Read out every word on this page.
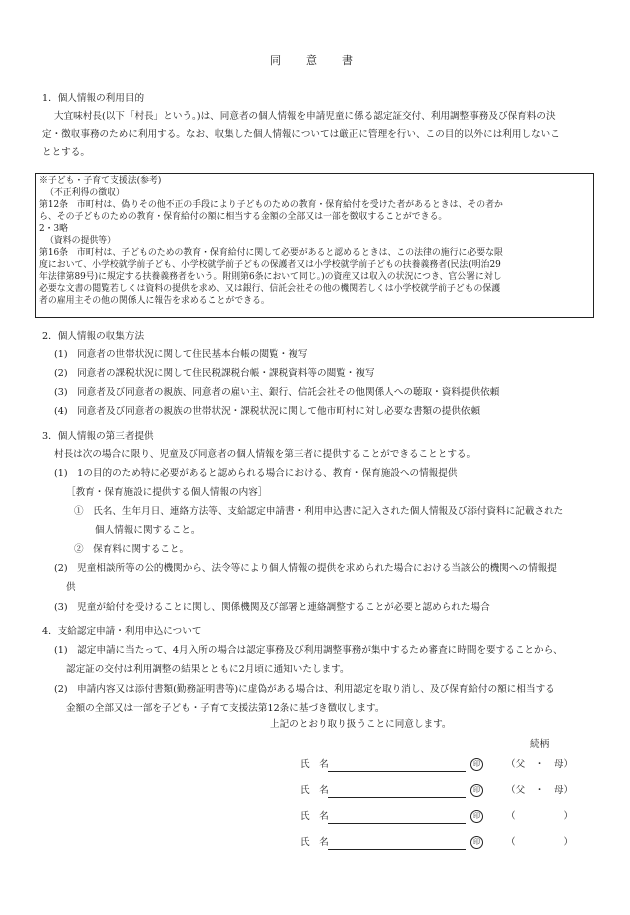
同　意　書
1．個人情報の利用目的
大宜味村長(以下「村長」という。)は、同意者の個人情報を申請児童に係る認定証交付、利用調整事務及び保育料の決
定・徴収事務のために利用する。なお、収集した個人情報については厳正に管理を行い、この目的以外には利用しないこ
ととする。
※子ども・子育て支援法(参考)
（不正利得の徴収）
第12条　市町村は、偽りその他不正の手段により子どものための教育・保育給付を受けた者があるときは、その者か
ら、その子どものための教育・保育給付の額に相当する金額の全部又は一部を徴収することができる。
2・3略
（資料の提供等）
第16条　市町村は、子どものための教育・保育給付に関して必要があると認めるときは、この法律の施行に必要な限
度において、小学校就学前子ども、小学校就学前子どもの保護者又は小学校就学前子どもの扶養義務者(民法(明治29
年法律第89号)に規定する扶養義務者をいう。附則第6条において同じ。)の資産又は収入の状況につき、官公署に対し
必要な文書の閲覧若しくは資料の提供を求め、又は銀行、信託会社その他の機関若しくは小学校就学前子どもの保護
者の雇用主その他の関係人に報告を求めることができる。
2．個人情報の収集方法
(1)　同意者の世帯状況に関して住民基本台帳の閲覧・複写
(2)　同意者の課税状況に関して住民税課税台帳・課税資料等の閲覧・複写
(3)　同意者及び同意者の親族、同意者の雇い主、銀行、信託会社その他関係人への聴取・資料提供依頼
(4)　同意者及び同意者の親族の世帯状況・課税状況に関して他市町村に対し必要な書類の提供依頼
3．個人情報の第三者提供
村長は次の場合に限り、児童及び同意者の個人情報を第三者に提供することができることとする。
(1)　1の目的のため特に必要があると認められる場合における、教育・保育施設への情報提供
［教育・保育施設に提供する個人情報の内容］
①　氏名、生年月日、連絡方法等、支給認定申請書・利用申込書に記入された個人情報及び添付資料に記載された
個人情報に関すること。
②　保育料に関すること。
(2)　児童相談所等の公的機関から、法令等により個人情報の提供を求められた場合における当該公的機関への情報提
供
(3)　児童が給付を受けることに関し、関係機関及び部署と連絡調整することが必要と認められた場合
4．支給認定申請・利用申込について
(1)　認定申請に当たって、4月入所の場合は認定事務及び利用調整事務が集中するため審査に時間を要することから、
認定証の交付は利用調整の結果とともに2月頃に通知いたします。
(2)　申請内容又は添付書類(勤務証明書等)に虚偽がある場合は、利用認定を取り消し、及び保育給付の額に相当する
金額の全部又は一部を子ども・子育て支援法第12条に基づき徴収します。
上記のとおり取り扱うことに同意します。
続柄
氏　名	印	（父　・　母）
氏　名	印	（父　・　母）
氏　名	印	（　　　　　）
氏　名	印	（　　　　　）
